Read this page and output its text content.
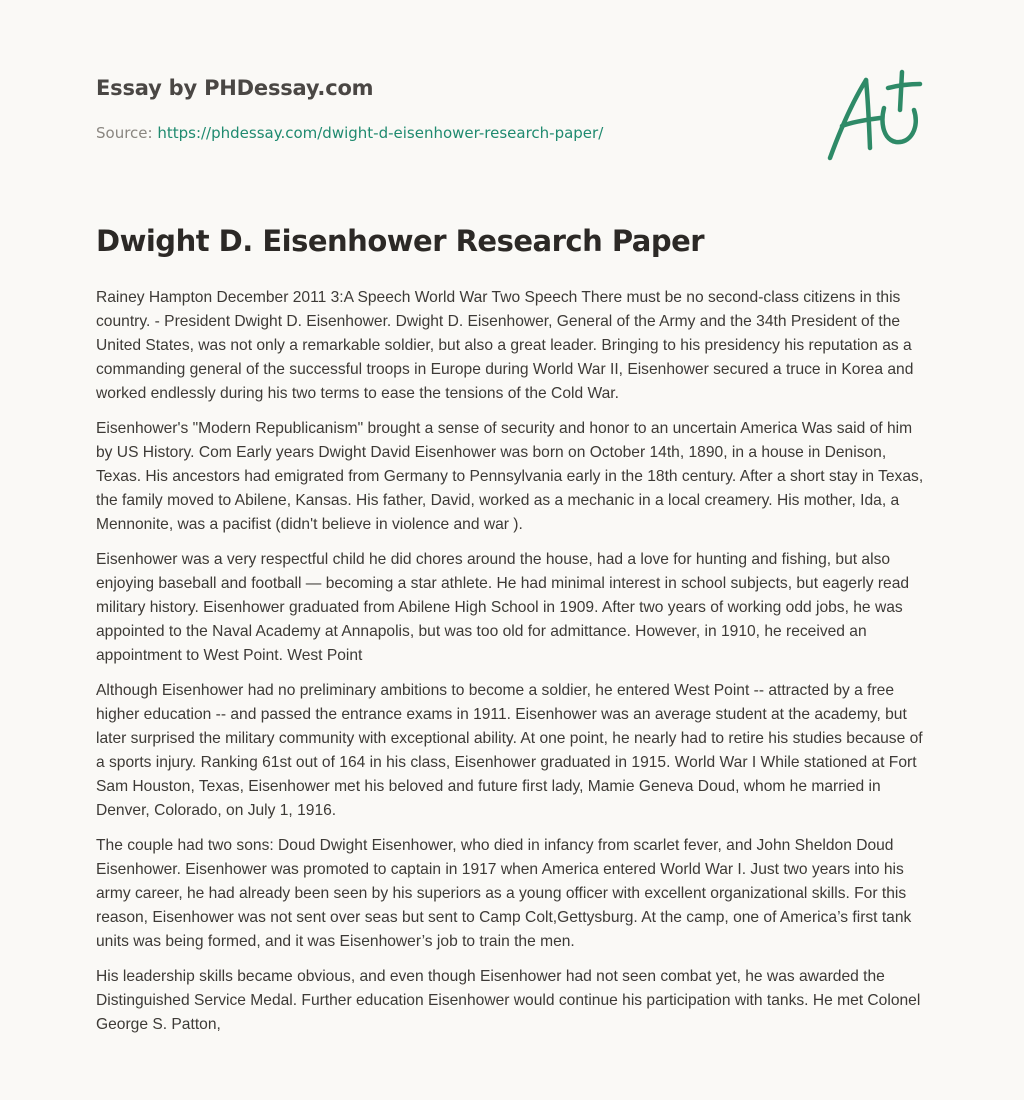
Essay by PHDessay.com
Source: https://phdessay.com/dwight-d-eisenhower-research-paper/
Dwight D. Eisenhower Research Paper

Rainey Hampton December 2011 3:A Speech World War Two Speech There must be no second-class citizens in this country. - President Dwight D. Eisenhower. Dwight D. Eisenhower, General of the Army and the 34th President of the United States, was not only a remarkable soldier, but also a great leader. Bringing to his presidency his reputation as a commanding general of the successful troops in Europe during World War II, Eisenhower secured a truce in Korea and worked endlessly during his two terms to ease the tensions of the Cold War.

Eisenhower's "Modern Republicanism" brought a sense of security and honor to an uncertain America Was said of him by US History. Com Early years Dwight David Eisenhower was born on October 14th, 1890, in a house in Denison, Texas. His ancestors had emigrated from Germany to Pennsylvania early in the 18th century. After a short stay in Texas, the family moved to Abilene, Kansas. His father, David, worked as a mechanic in a local creamery. His mother, Ida, a Mennonite, was a pacifist (didn't believe in violence and war ).

Eisenhower was a very respectful child he did chores around the house, had a love for hunting and fishing, but also enjoying baseball and football — becoming a star athlete. He had minimal interest in school subjects, but eagerly read military history. Eisenhower graduated from Abilene High School in 1909. After two years of working odd jobs, he was appointed to the Naval Academy at Annapolis, but was too old for admittance. However, in 1910, he received an appointment to West Point. West Point

Although Eisenhower had no preliminary ambitions to become a soldier, he entered West Point -- attracted by a free higher education -- and passed the entrance exams in 1911. Eisenhower was an average student at the academy, but later surprised the military community with exceptional ability. At one point, he nearly had to retire his studies because of a sports injury. Ranking 61st out of 164 in his class, Eisenhower graduated in 1915. World War I While stationed at Fort Sam Houston, Texas, Eisenhower met his beloved and future first lady, Mamie Geneva Doud, whom he married in Denver, Colorado, on July 1, 1916.

The couple had two sons: Doud Dwight Eisenhower, who died in infancy from scarlet fever, and John Sheldon Doud Eisenhower. Eisenhower was promoted to captain in 1917 when America entered World War I. Just two years into his army career, he had already been seen by his superiors as a young officer with excellent organizational skills. For this reason, Eisenhower was not sent over seas but sent to Camp Colt,Gettysburg. At the camp, one of America’s first tank units was being formed, and it was Eisenhower’s job to train the men.

His leadership skills became obvious, and even though Eisenhower had not seen combat yet, he was awarded the Distinguished Service Medal. Further education Eisenhower would continue his participation with tanks. He met Colonel George S. Patton,
